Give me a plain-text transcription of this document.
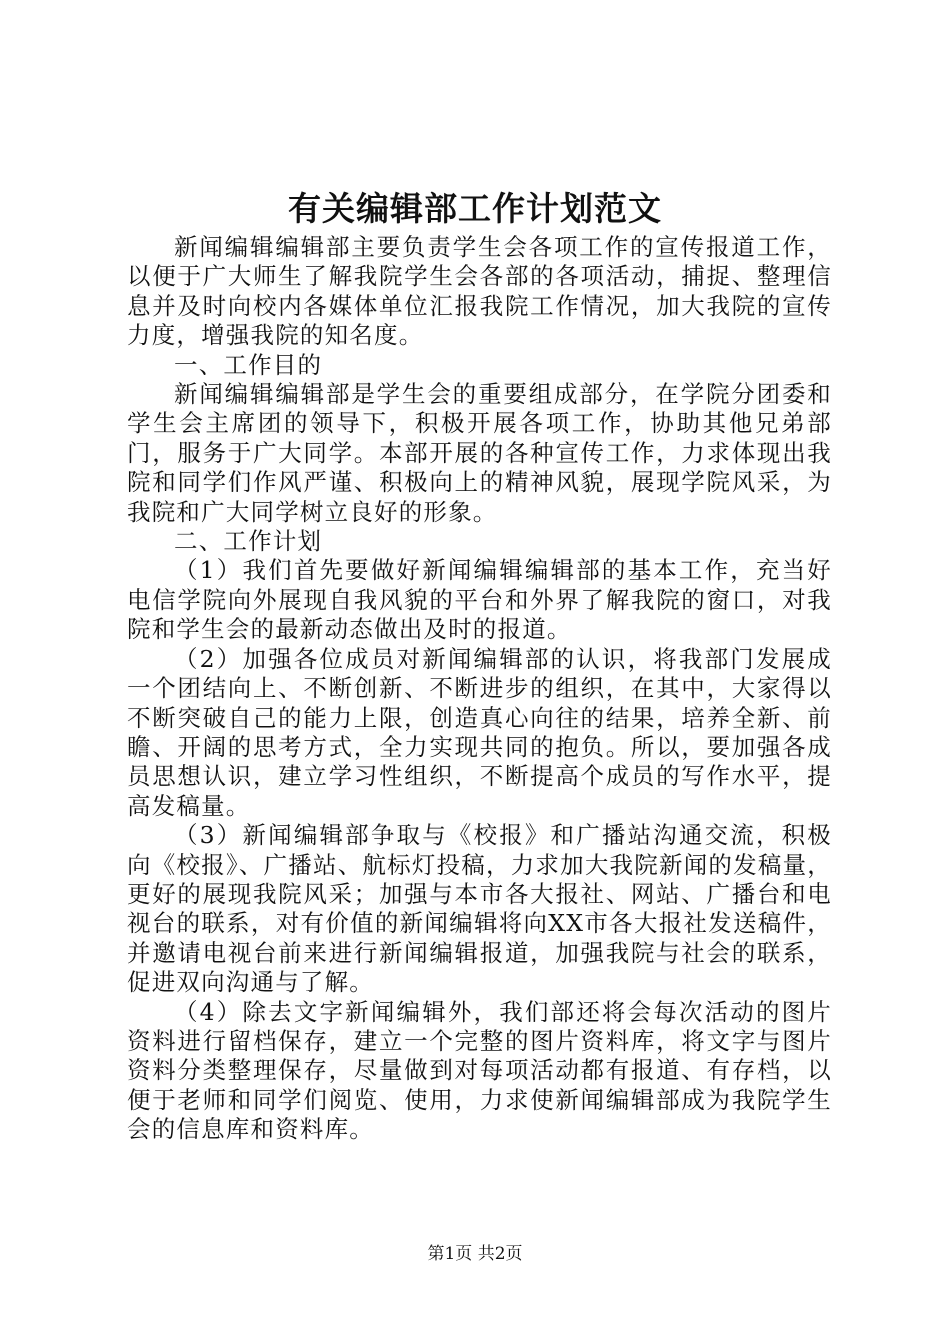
有关编辑部工作计划范文

新闻编辑编辑部主要负责学生会各项工作的宣传报道工作，以便于广大师生了解我院学生会各部的各项活动，捕捉、整理信息并及时向校内各媒体单位汇报我院工作情况，加大我院的宣传力度，增强我院的知名度。

一、工作目的

新闻编辑编辑部是学生会的重要组成部分，在学院分团委和学生会主席团的领导下，积极开展各项工作，协助其他兄弟部门，服务于广大同学。本部开展的各种宣传工作，力求体现出我院和同学们作风严谨、积极向上的精神风貌，展现学院风采，为我院和广大同学树立良好的形象。

二、工作计划

（1）我们首先要做好新闻编辑编辑部的基本工作，充当好电信学院向外展现自我风貌的平台和外界了解我院的窗口，对我院和学生会的最新动态做出及时的报道。

（2）加强各位成员对新闻编辑部的认识，将我部门发展成一个团结向上、不断创新、不断进步的组织，在其中，大家得以不断突破自己的能力上限，创造真心向往的结果，培养全新、前瞻、开阔的思考方式，全力实现共同的抱负。所以，要加强各成员思想认识，建立学习性组织，不断提高个成员的写作水平，提高发稿量。

（3）新闻编辑部争取与《校报》和广播站沟通交流，积极向《校报》、广播站、航标灯投稿，力求加大我院新闻的发稿量，更好的展现我院风采；加强与本市各大报社、网站、广播台和电视台的联系，对有价值的新闻编辑将向XX市各大报社发送稿件，并邀请电视台前来进行新闻编辑报道，加强我院与社会的联系，促进双向沟通与了解。

（4）除去文字新闻编辑外，我们部还将会每次活动的图片资料进行留档保存，建立一个完整的图片资料库，将文字与图片资料分类整理保存，尽量做到对每项活动都有报道、有存档，以便于老师和同学们阅览、使用，力求使新闻编辑部成为我院学生会的信息库和资料库。

第1页 共2页
